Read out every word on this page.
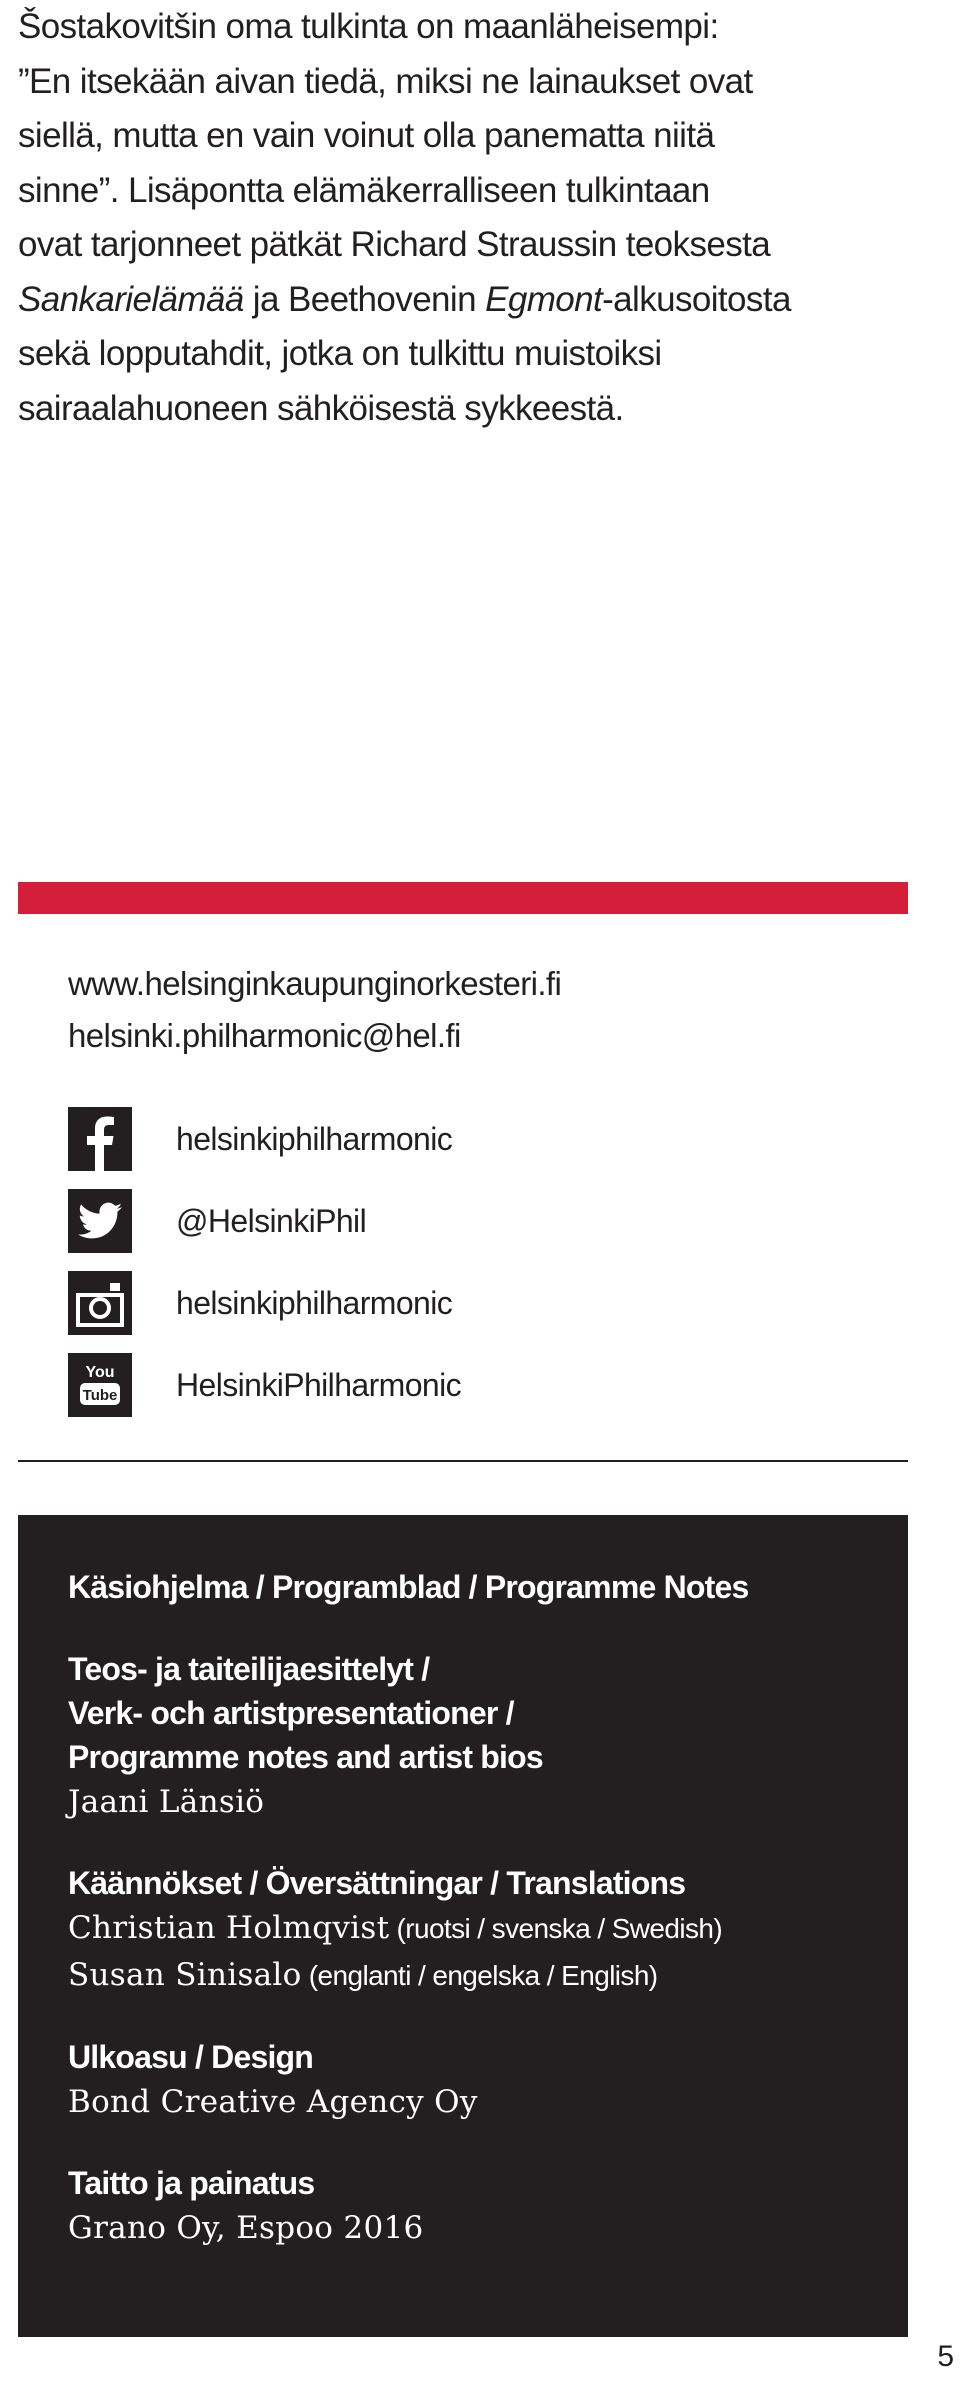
Šostakovitšin oma tulkinta on maanläheisempi:
”En itsekään aivan tiedä, miksi ne lainaukset ovat
siellä, mutta en vain voinut olla panematta niitä
sinne”. Lisäpontta elämäkerralliseen tulkintaan
ovat tarjonneet pätkät Richard Straussin teoksesta
Sankarielämää ja Beethovenin Egmont-alkusoitosta
sekä lopputahdit, jotka on tulkittu muistoiksi
sairaalahuoneen sähköisestä sykkeestä.

www.helsinginkaupunginorkesteri.fi
helsinki.philharmonic@hel.fi
helsinkiphilharmonic
@HelsinkiPhil
helsinkiphilharmonic
You
Tube HelsinkiPhilharmonic
Käsiohjelma / Programblad / Programme Notes
Teos- ja taiteilijaesittelyt /
Verk- och artistpresentationer /
Programme notes and artist bios
Jaani Länsiö
Käännökset / Översättningar / Translations
Christian Holmqvist (ruotsi / svenska / Swedish)
Susan Sinisalo (englanti / engelska / English)
Ulkoasu / Design
Bond Creative Agency Oy
Taitto ja painatus
Grano Oy, Espoo 2016
5
